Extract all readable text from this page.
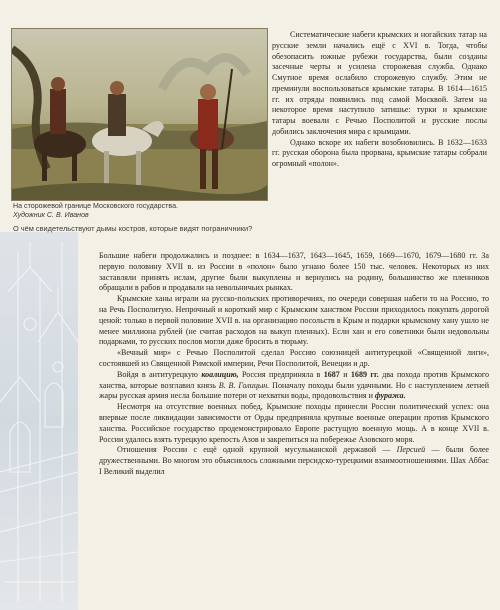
На сторожевой границе Московского государства.
Художник С. В. Иванов
О чём свидетельствуют дымы костров, которые видят пограничники?

Систематические набеги крымских и ногайских татар на русские земли начались ещё с XVI в. Тогда, чтобы обезопасить южные рубежи государства, были созданы засечные черты и усилена сторожевая служба. Однако Смутное время ослабило сторожевую службу. Этим не преминули воспользоваться крымские татары. В 1614—1615 гг. их отряды появились под самой Москвой. Затем на некоторое время наступило затишье: турки и крымские татары воевали с Речью Посполитой и русские послы добились заключения мира с крымцами.

Однако вскоре их набеги возобновились. В 1632—1633 гг. русская оборона была прорвана, крымские татары собрали огромный «полон».

Большие набеги продолжались и позднее: в 1634—1637, 1643—1645, 1659, 1669—1670, 1679—1680 гг. За первую половину XVII в. из России в «полон» было угнано более 150 тыс. человек. Некоторых из них заставляли принять ислам, другие были выкуплены и вернулись на родину, большинство же пленников обращали в рабов и продавали на невольничьих рынках.

Крымские ханы играли на русско-польских противоречиях, по очереди совершая набеги то на Россию, то на Речь Посполитую. Непрочный и короткий мир с Крымским ханством России приходилось покупать дорогой ценой: только в первой половине XVII в. на организацию посольств в Крым и подарки крымскому хану ушло не менее миллиона рублей (не считая расходов на выкуп пленных). Если хан и его советники были недовольны подарками, то русских послов могли даже бросить в тюрьму.

«Вечный мир» с Речью Посполитой сделал Россию союзницей антитурецкой «Священной лиги», состоявшей из Священной Римской империи, Речи Посполитой, Венеции и др.

Войдя в антитурецкую коалицию, Россия предприняла в 1687 и 1689 гг. два похода против Крымского ханства, которые возглавил князь В. В. Голицын. Поначалу походы были удачными. Но с наступлением летней жары русская армия несла большие потери от нехватки воды, продовольствия и фуража.

Несмотря на отсутствие военных побед, Крымские походы принесли России политический успех: она впервые после ликвидации зависимости от Орды предприняла крупные военные операции против Крымского ханства. Российское государство продемонстрировало Европе растущую военную мощь. А в конце XVII в. России удалось взять турецкую крепость Азов и закрепиться на побережье Азовского моря.

Отношения России с ещё одной крупной мусульманской державой — Персией — были более дружественными. Во многом это объяснялось сложными персидско-турецкими взаимоотношениями. Шах Аббас I Великий выделил
